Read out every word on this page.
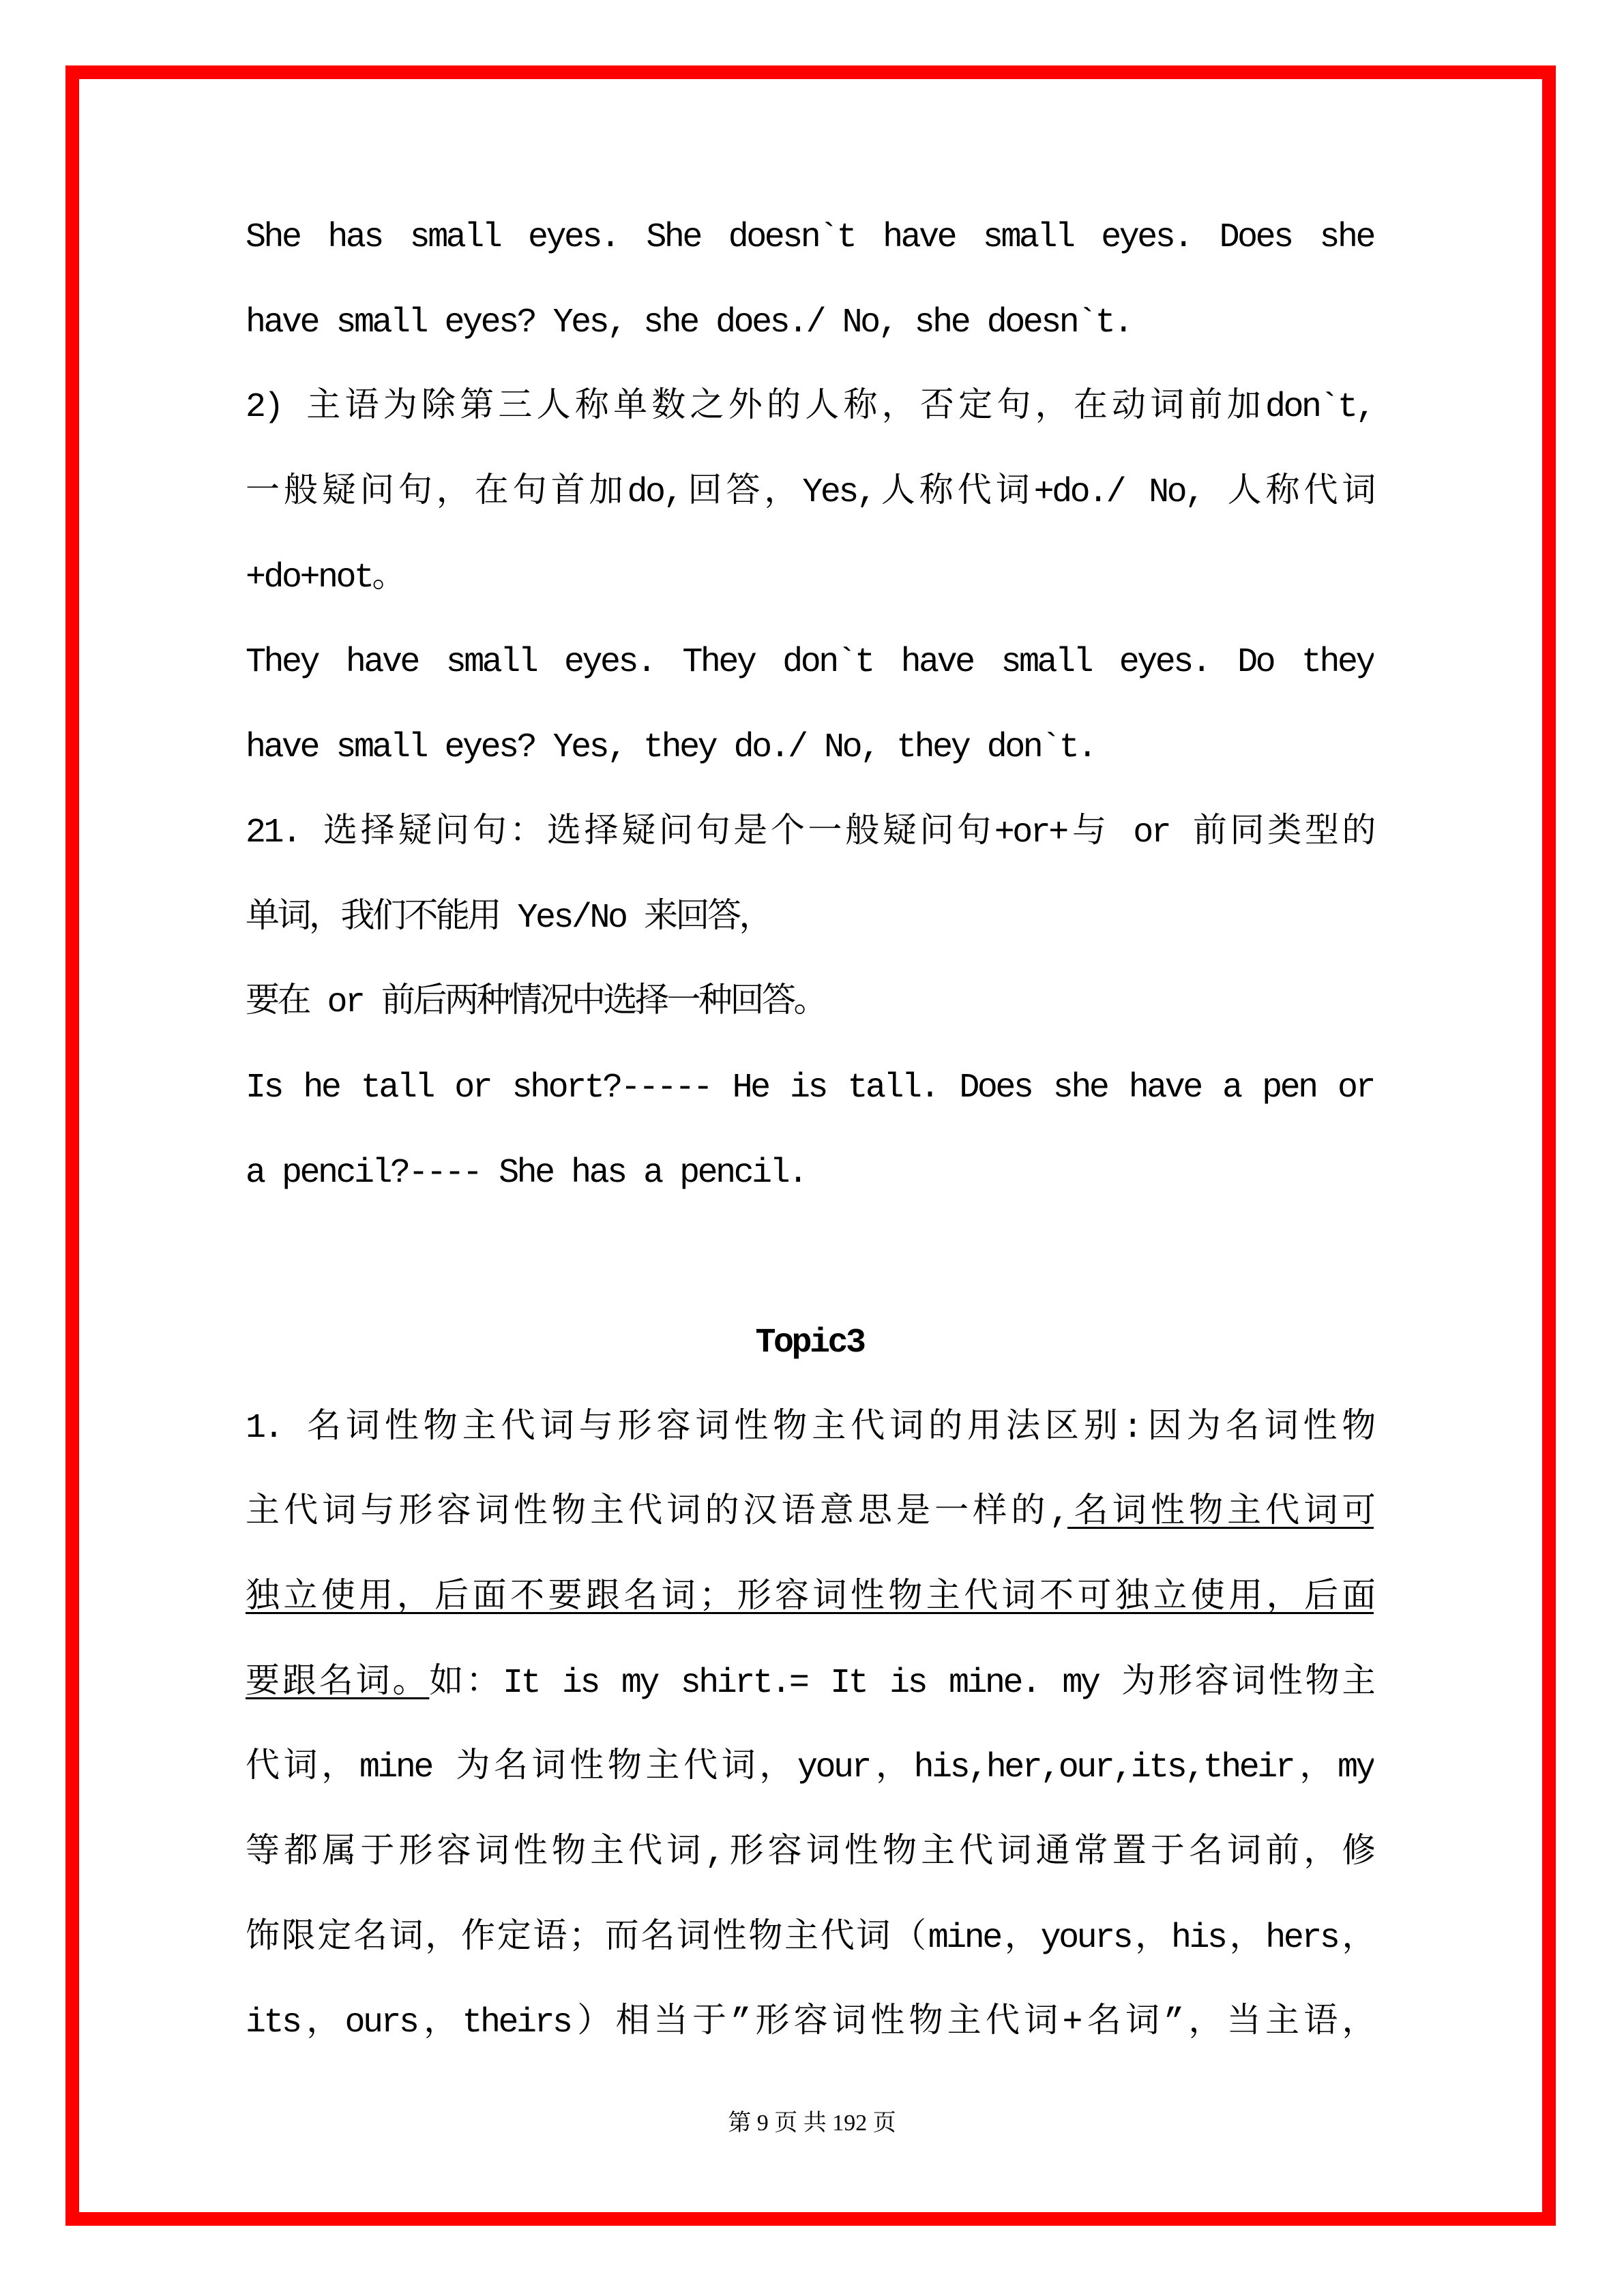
She has small eyes. She doesn`t have small eyes. Does she
have small eyes? Yes, she does./ No, she doesn`t.
2) 主语为除第三人称单数之外的人称，否定句，在动词前加don`t,
一般疑问句，在句首加do,回答，Yes,人称代词+do./ No, 人称代词
+do+not。
They have small eyes. They don`t have small eyes. Do they
have small eyes? Yes, they do./ No, they don`t.
21. 选择疑问句：选择疑问句是个一般疑问句+or+与 or 前同类型的
单词，我们不能用 Yes/No 来回答，
要在 or 前后两种情况中选择一种回答。
Is he tall or short?----- He is tall. Does she have a pen or
a pencil?---- She has a pencil.
Topic3
1. 名词性物主代词与形容词性物主代词的用法区别:因为名词性物
主代词与形容词性物主代词的汉语意思是一样的,名词性物主代词可
独立使用，后面不要跟名词；形容词性物主代词不可独立使用，后面
要跟名词。如：It is my shirt.= It is mine. my 为形容词性物主
代词，mine 为名词性物主代词，your，his,her,our,its,their，my
等都属于形容词性物主代词,形容词性物主代词通常置于名词前，修
饰限定名词，作定语；而名词性物主代词（mine，yours，his，hers，
its，ours，theirs）相当于”形容词性物主代词+名词”，当主语，
第 9 页 共 192 页
